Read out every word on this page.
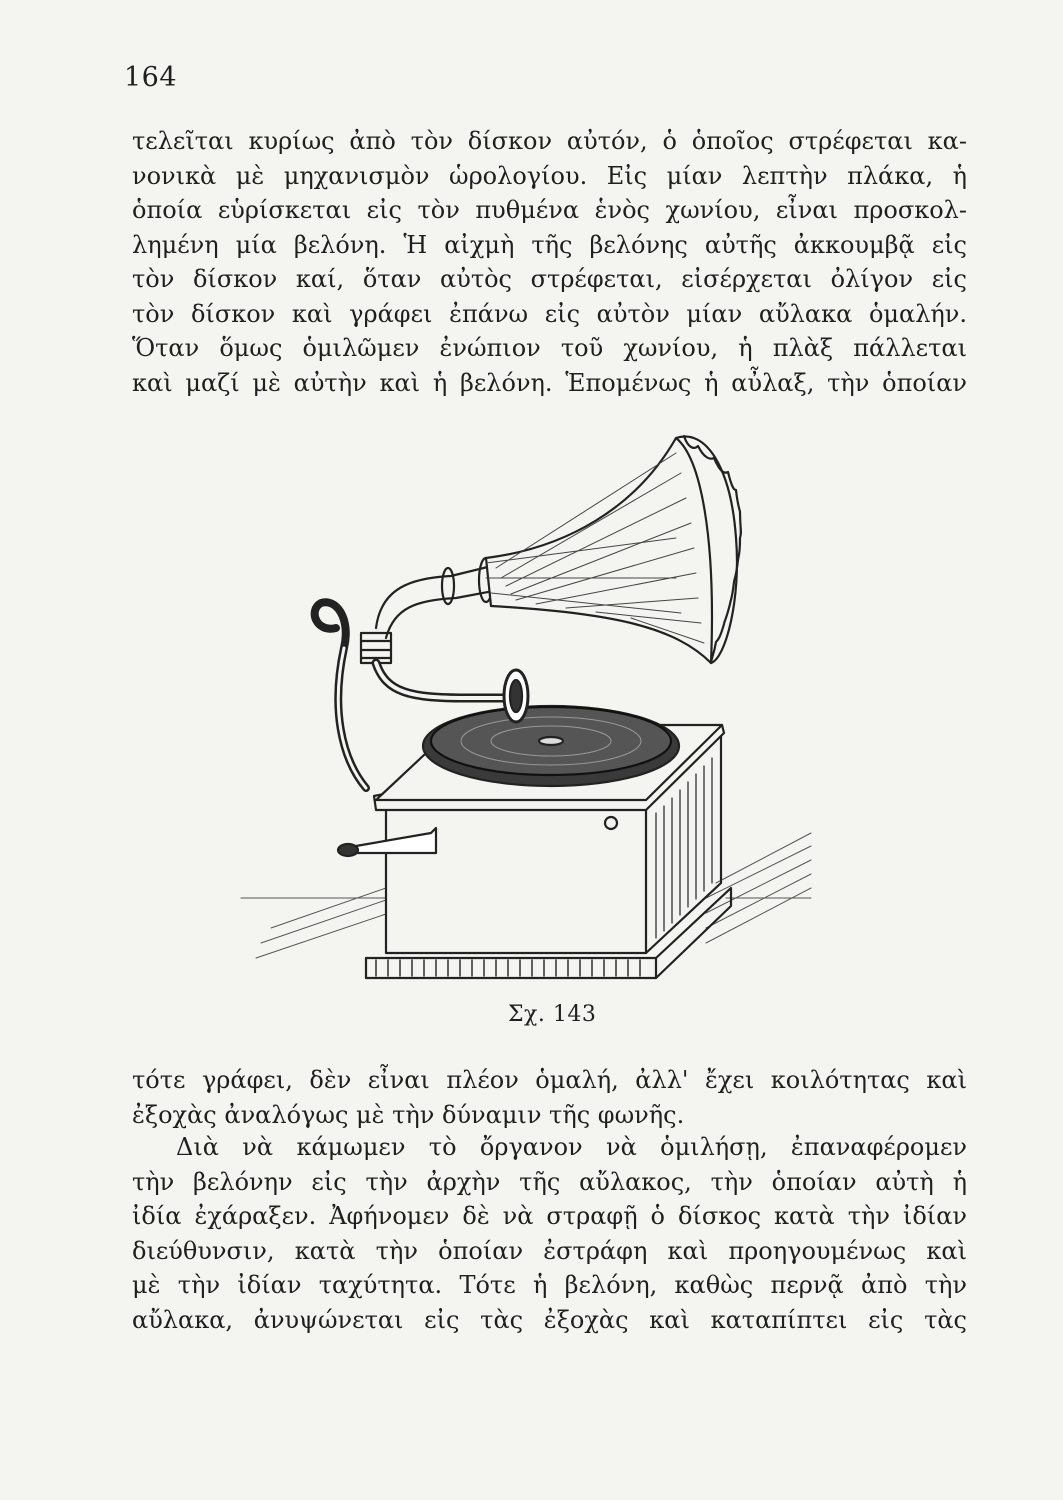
164
τελεῖται κυρίως ἀπὸ τὸν δίσκον αὐτόν, ὁ ὁποῖος στρέφεται κα-
νονικὰ μὲ μηχανισμὸν ὡρολογίου. Εἰς μίαν λεπτὴν πλάκα, ἡ
ὁποία εὑρίσκεται εἰς τὸν πυθμένα ἑνὸς χωνίου, εἶναι προσκολ-
λημένη μία βελόνη. Ἡ αἰχμὴ τῆς βελόνης αὐτῆς ἀκκουμβᾷ εἰς
τὸν δίσκον καί, ὅταν αὐτὸς στρέφεται, εἰσέρχεται ὀλίγον εἰς
τὸν δίσκον καὶ γράφει ἐπάνω εἰς αὐτὸν μίαν αὔλακα ὁμαλήν.
Ὅταν ὅμως ὁμιλῶμεν ἐνώπιον τοῦ χωνίου, ἡ πλὰξ πάλλεται
καὶ μαζί μὲ αὐτὴν καὶ ἡ βελόνη. Ἑπομένως ἡ αὖλαξ, τὴν ὁποίαν
Σχ. 143
τότε γράφει, δὲν εἶναι πλέον ὁμαλή, ἀλλ' ἔχει κοιλότητας καὶ
ἐξοχὰς ἀναλόγως μὲ τὴν δύναμιν τῆς φωνῆς.
Διὰ νὰ κάμωμεν τὸ ὄργανον νὰ ὁμιλήσῃ, ἐπαναφέρομεν
τὴν βελόνην εἰς τὴν ἀρχὴν τῆς αὔλακος, τὴν ὁποίαν αὐτὴ ἡ
ἰδία ἐχάραξεν. Ἀφήνομεν δὲ νὰ στραφῇ ὁ δίσκος κατὰ τὴν ἰδίαν
διεύθυνσιν, κατὰ τὴν ὁποίαν ἐστράφη καὶ προηγουμένως καὶ
μὲ τὴν ἰδίαν ταχύτητα. Τότε ἡ βελόνη, καθὼς περνᾷ ἀπὸ τὴν
αὔλακα, ἀνυψώνεται εἰς τὰς ἐξοχὰς καὶ καταπίπτει εἰς τὰς
